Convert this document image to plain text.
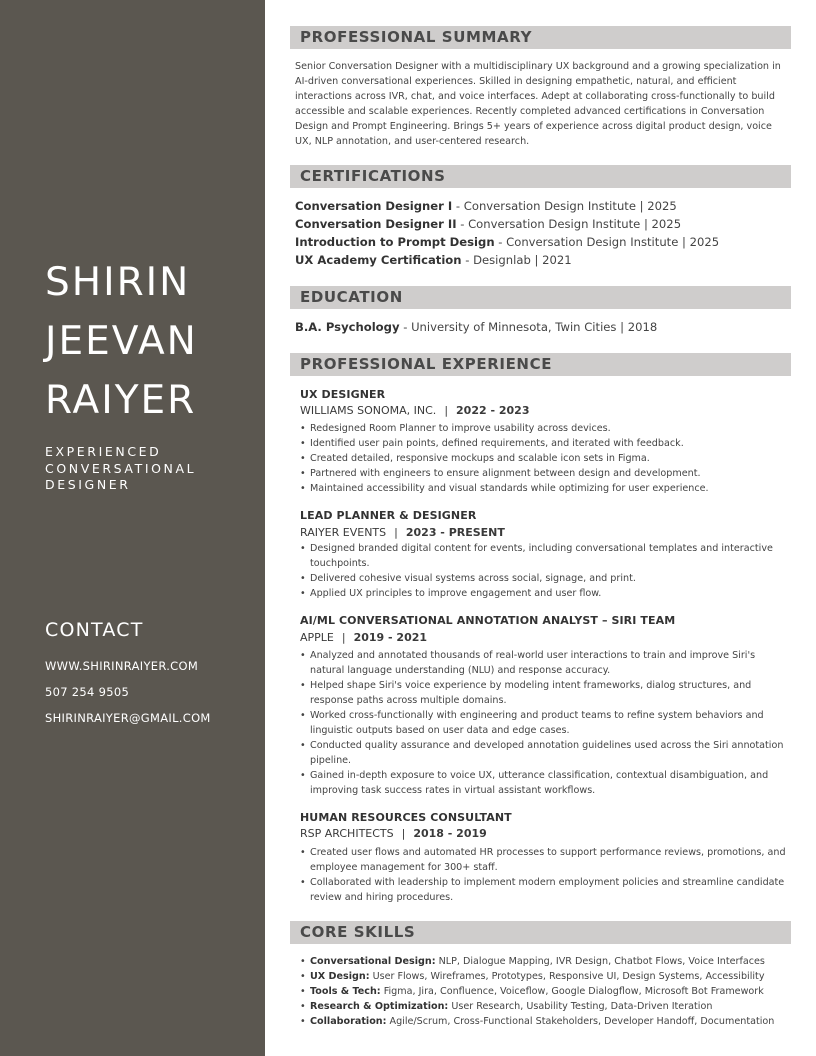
SHIRIN
JEEVAN
RAIYER
EXPERIENCED
CONVERSATIONAL
DESIGNER
CONTACT
WWW.SHIRINRAIYER.COM
507 254 9505
SHIRINRAIYER@GMAIL.COM
PROFESSIONAL SUMMARY

Senior Conversation Designer with a multidisciplinary UX background and a growing specialization in AI-driven conversational experiences. Skilled in designing empathetic, natural, and efficient interactions across IVR, chat, and voice interfaces. Adept at collaborating cross-functionally to build accessible and scalable experiences. Recently completed advanced certifications in Conversation Design and Prompt Engineering. Brings 5+ years of experience across digital product design, voice UX, NLP annotation, and user-centered research.

CERTIFICATIONS
Conversation Designer I - Conversation Design Institute | 2025
Conversation Designer II - Conversation Design Institute | 2025
Introduction to Prompt Design - Conversation Design Institute | 2025
UX Academy Certification - Designlab | 2021
EDUCATION
B.A. Psychology - University of Minnesota, Twin Cities | 2018
PROFESSIONAL EXPERIENCE
UX DESIGNER
WILLIAMS SONOMA, INC. | 2022 - 2023
• Redesigned Room Planner to improve usability across devices.
• Identified user pain points, defined requirements, and iterated with feedback.
• Created detailed, responsive mockups and scalable icon sets in Figma.
• Partnered with engineers to ensure alignment between design and development.
• Maintained accessibility and visual standards while optimizing for user experience.
LEAD PLANNER & DESIGNER
RAIYER EVENTS | 2023 - PRESENT
• Designed branded digital content for events, including conversational templates and interactive touchpoints.
• Delivered cohesive visual systems across social, signage, and print.
• Applied UX principles to improve engagement and user flow.
AI/ML CONVERSATIONAL ANNOTATION ANALYST – SIRI TEAM
APPLE | 2019 - 2021
• Analyzed and annotated thousands of real-world user interactions to train and improve Siri's natural language understanding (NLU) and response accuracy.
• Helped shape Siri's voice experience by modeling intent frameworks, dialog structures, and response paths across multiple domains.
• Worked cross-functionally with engineering and product teams to refine system behaviors and linguistic outputs based on user data and edge cases.
• Conducted quality assurance and developed annotation guidelines used across the Siri annotation pipeline.
• Gained in-depth exposure to voice UX, utterance classification, contextual disambiguation, and improving task success rates in virtual assistant workflows.
HUMAN RESOURCES CONSULTANT
RSP ARCHITECTS | 2018 - 2019
• Created user flows and automated HR processes to support performance reviews, promotions, and employee management for 300+ staff.
• Collaborated with leadership to implement modern employment policies and streamline candidate review and hiring procedures.
CORE SKILLS
• Conversational Design: NLP, Dialogue Mapping, IVR Design, Chatbot Flows, Voice Interfaces
• UX Design: User Flows, Wireframes, Prototypes, Responsive UI, Design Systems, Accessibility
• Tools & Tech: Figma, Jira, Confluence, Voiceflow, Google Dialogflow, Microsoft Bot Framework
• Research & Optimization: User Research, Usability Testing, Data-Driven Iteration
• Collaboration: Agile/Scrum, Cross-Functional Stakeholders, Developer Handoff, Documentation
